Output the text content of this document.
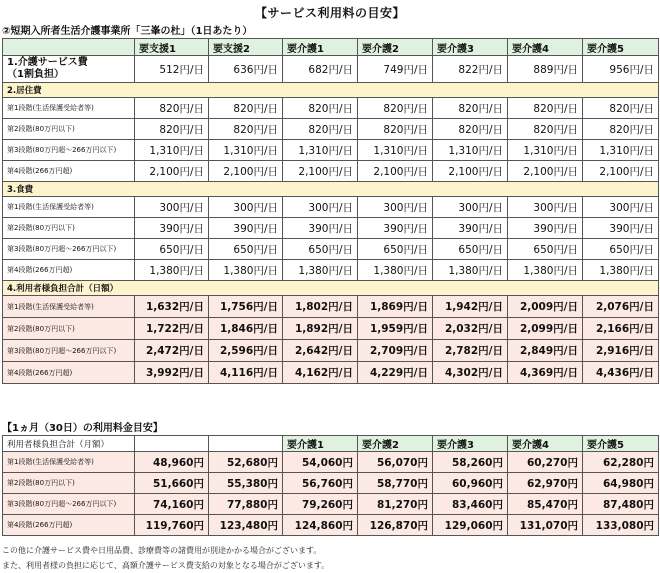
【サービス利用料の目安】
②短期入所者生活介護事業所「三峯の杜」（1日あたり）
	要支援1	要支援2	要介護1	要介護2	要介護3	要介護4	要介護5

1.介護サービス費
（1割負担）	512円/日	636円/日	682円/日	749円/日	822円/日	889円/日	956円/日
2.居住費							
第1段階(生活保護受給者等)	820円/日	820円/日	820円/日	820円/日	820円/日	820円/日	820円/日
第2段階(80万円以下)	820円/日	820円/日	820円/日	820円/日	820円/日	820円/日	820円/日
第3段階(80万円超～266万円以下)	1,310円/日	1,310円/日	1,310円/日	1,310円/日	1,310円/日	1,310円/日	1,310円/日
第4段階(266万円超)	2,100円/日	2,100円/日	2,100円/日	2,100円/日	2,100円/日	2,100円/日	2,100円/日
3.食費							
第1段階(生活保護受給者等)	300円/日	300円/日	300円/日	300円/日	300円/日	300円/日	300円/日
第2段階(80万円以下)	390円/日	390円/日	390円/日	390円/日	390円/日	390円/日	390円/日
第3段階(80万円超～266万円以下)	650円/日	650円/日	650円/日	650円/日	650円/日	650円/日	650円/日
第4段階(266万円超)	1,380円/日	1,380円/日	1,380円/日	1,380円/日	1,380円/日	1,380円/日	1,380円/日
4.利用者様負担合計（日額）							
第1段階(生活保護受給者等)	1,632円/日	1,756円/日	1,802円/日	1,869円/日	1,942円/日	2,009円/日	2,076円/日
第2段階(80万円以下)	1,722円/日	1,846円/日	1,892円/日	1,959円/日	2,032円/日	2,099円/日	2,166円/日
第3段階(80万円超～266万円以下)	2,472円/日	2,596円/日	2,642円/日	2,709円/日	2,782円/日	2,849円/日	2,916円/日
第4段階(266万円超)	3,992円/日	4,116円/日	4,162円/日	4,229円/日	4,302円/日	4,369円/日	4,436円/日
【1ヵ月（30日）の利用料金目安】
利用者様負担合計（月額）			要介護1	要介護2	要介護3	要介護4	要介護5
第1段階(生活保護受給者等)	48,960円	52,680円	54,060円	56,070円	58,260円	60,270円	62,280円
第2段階(80万円以下)	51,660円	55,380円	56,760円	58,770円	60,960円	62,970円	64,980円
第3段階(80万円超～266万円以下)	74,160円	77,880円	79,260円	81,270円	83,460円	85,470円	87,480円
第4段階(266万円超)	119,760円	123,480円	124,860円	126,870円	129,060円	131,070円	133,080円
この他に介護サービス費や日用品費、診療費等の諸費用が別途かかる場合がございます。
また、利用者様の負担に応じて、高額介護サービス費支給の対象となる場合がございます。
